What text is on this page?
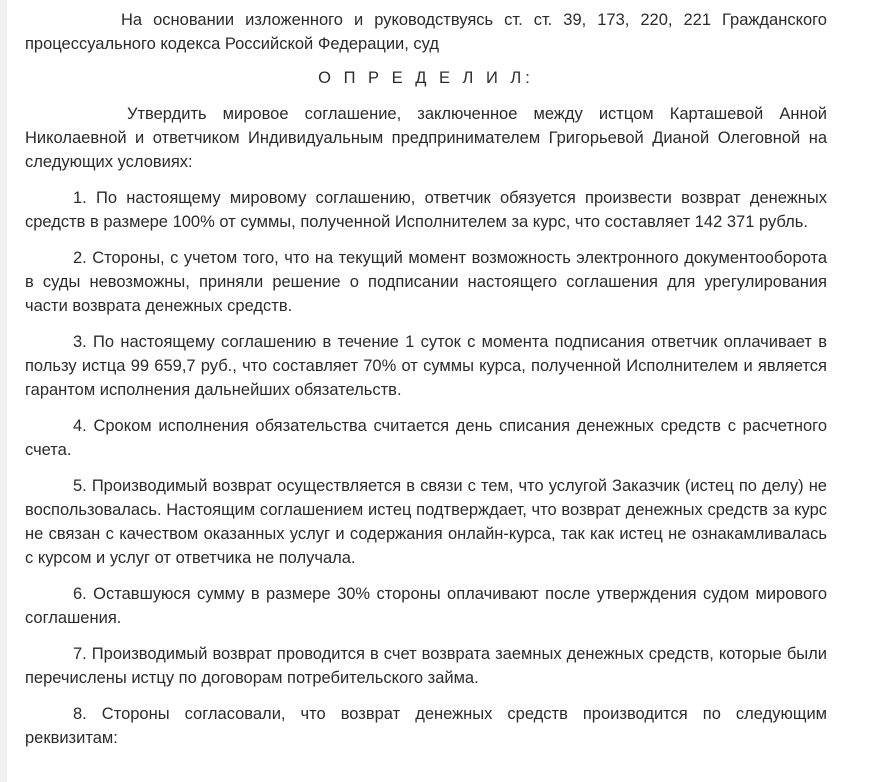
На основании изложенного и руководствуясь ст. ст. 39, 173, 220, 221 Гражданского процессуального кодекса Российской Федерации, суд

О П Р Е Д Е Л И Л:

Утвердить мировое соглашение, заключенное между истцом Карташевой Анной Николаевной и ответчиком Индивидуальным предпринимателем Григорьевой Дианой Олеговной на следующих условиях:

1. По настоящему мировому соглашению, ответчик обязуется произвести возврат денежных средств в размере 100% от суммы, полученной Исполнителем за курс, что составляет 142 371 рубль.

2. Стороны, с учетом того, что на текущий момент возможность электронного документооборота в суды невозможны, приняли решение о подписании настоящего соглашения для урегулирования части возврата денежных средств.

3. По настоящему соглашению в течение 1 суток с момента подписания ответчик оплачивает в пользу истца 99 659,7 руб., что составляет 70% от суммы курса, полученной Исполнителем и является гарантом исполнения дальнейших обязательств.

4. Сроком исполнения обязательства считается день списания денежных средств с расчетного счета.

5. Производимый возврат осуществляется в связи с тем, что услугой Заказчик (истец по делу) не воспользовалась. Настоящим соглашением истец подтверждает, что возврат денежных средств за курс не связан с качеством оказанных услуг и содержания онлайн-курса, так как истец не ознакамливалась с курсом и услуг от ответчика не получала.

6. Оставшуюся сумму в размере 30% стороны оплачивают после утверждения судом мирового соглашения.

7. Производимый возврат проводится в счет возврата заемных денежных средств, которые были перечислены истцу по договорам потребительского займа.

8. Стороны согласовали, что возврат денежных средств производится по следующим реквизитам:
